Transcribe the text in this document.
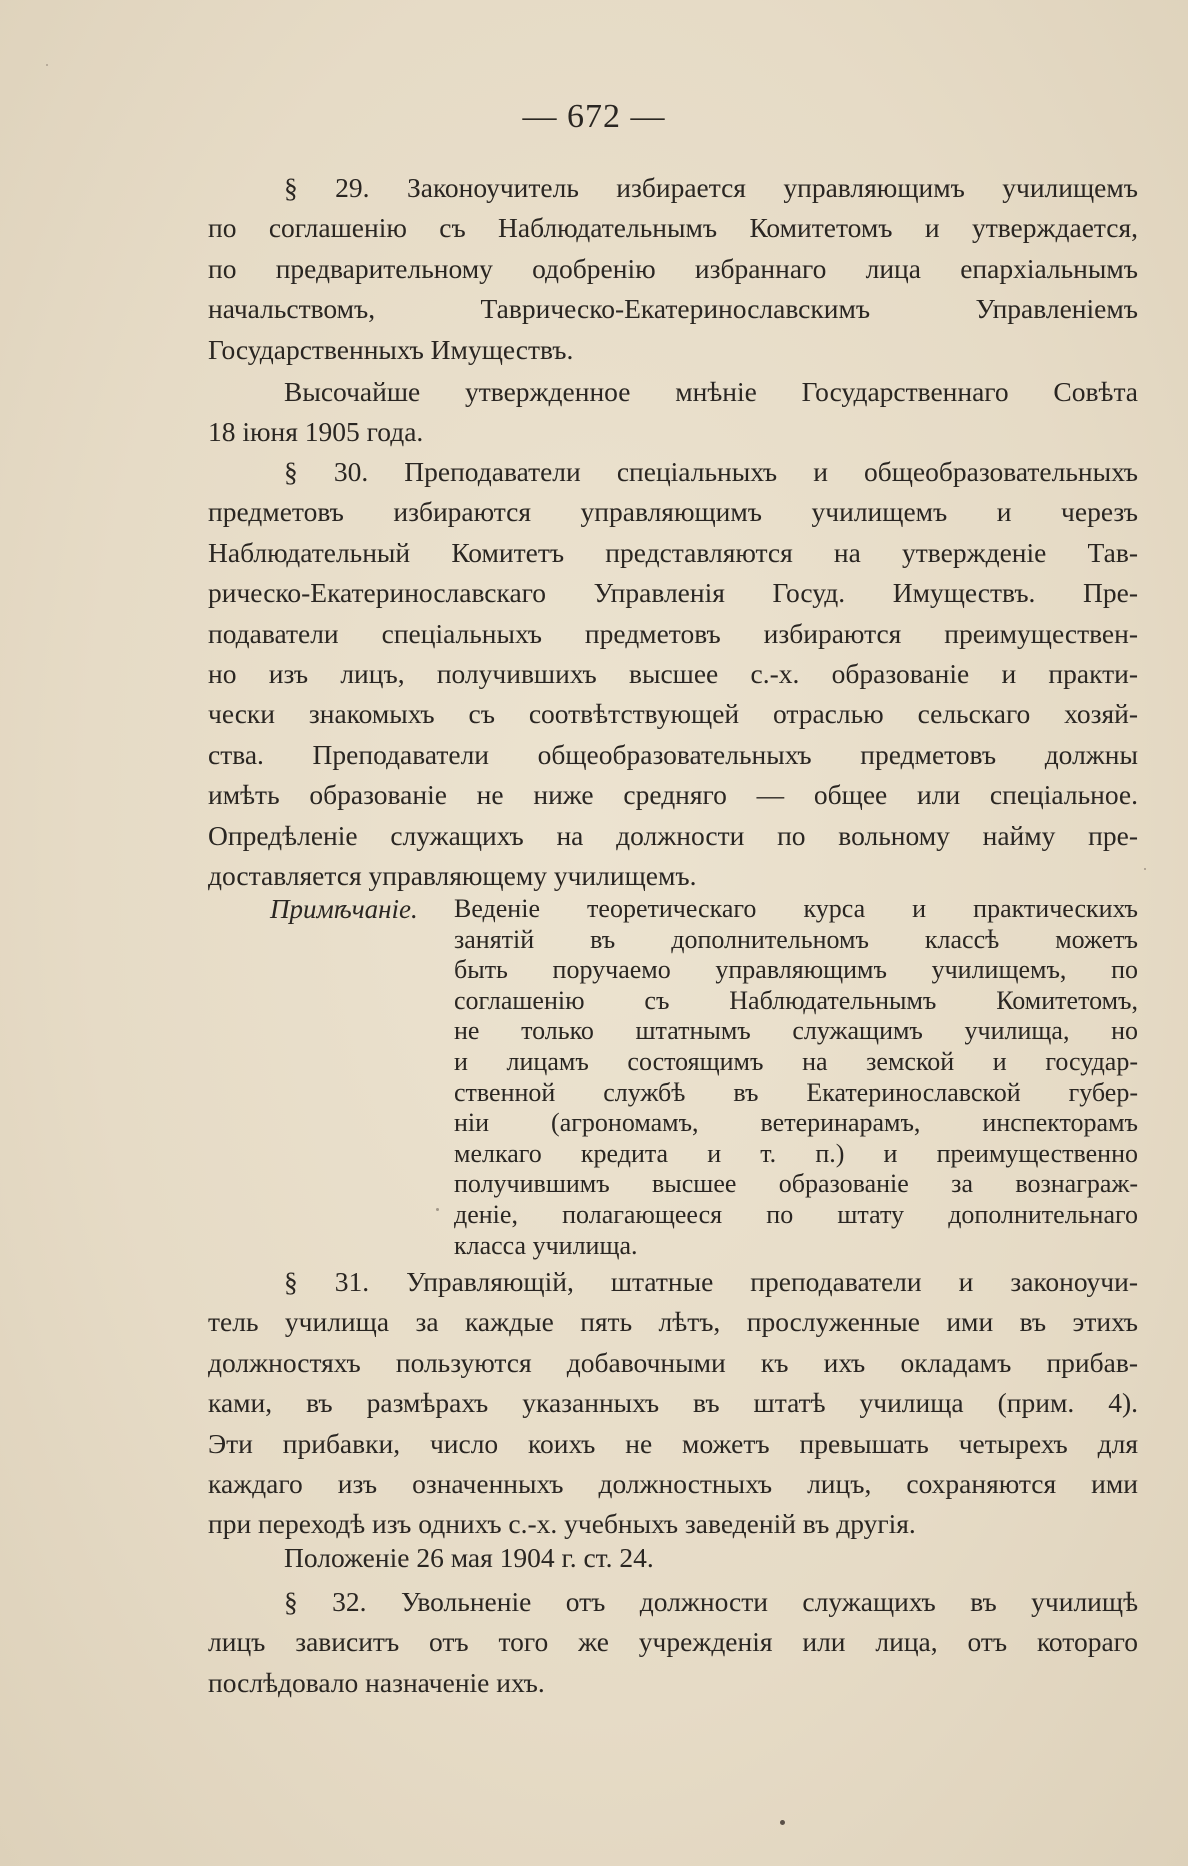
— 672 —
§ 29. Законоучитель избирается управляющимъ училищемъ
по соглашенію съ Наблюдательнымъ Комитетомъ и утверждается,
по предварительному одобренію избраннаго лица епархіальнымъ
начальствомъ, Таврическо-Екатеринославскимъ Управленіемъ
Государственныхъ Имуществъ.
Высочайше утвержденное мнѣніе Государственнаго Совѣта
18 іюня 1905 года.
§ 30. Преподаватели спеціальныхъ и общеобразовательныхъ
предметовъ избираются управляющимъ училищемъ и черезъ
Наблюдательный Комитетъ представляются на утвержденіе Тав-
рическо-Екатеринославскаго Управленія Госуд. Имуществъ. Пре-
подаватели спеціальныхъ предметовъ избираются преимуществен-
но изъ лицъ, получившихъ высшее с.-х. образованіе и практи-
чески знакомыхъ съ соотвѣтствующей отраслью сельскаго хозяй-
ства. Преподаватели общеобразовательныхъ предметовъ должны
имѣть образованіе не ниже средняго — общее или спеціальное.
Опредѣленіе служащихъ на должности по вольному найму пре-
доставляется управляющему училищемъ.
Примѣчаніе. Веденіе теоретическаго курса и практическихъ
занятій въ дополнительномъ классѣ можетъ
быть поручаемо управляющимъ училищемъ, по
соглашенію съ Наблюдательнымъ Комитетомъ,
не только штатнымъ служащимъ училища, но
и лицамъ состоящимъ на земской и государ-
ственной службѣ въ Екатеринославской губер-
ніи (агрономамъ, ветеринарамъ, инспекторамъ
мелкаго кредита и т. п.) и преимущественно
получившимъ высшее образованіе за вознаграж-
деніе, полагающееся по штату дополнительнаго
класса училища.
§ 31. Управляющій, штатные преподаватели и законоучи-
тель училища за каждые пять лѣтъ, прослуженные ими въ этихъ
должностяхъ пользуются добавочными къ ихъ окладамъ прибав-
ками, въ размѣрахъ указанныхъ въ штатѣ училища (прим. 4).
Эти прибавки, число коихъ не можетъ превышать четырехъ для
каждаго изъ означенныхъ должностныхъ лицъ, сохраняются ими
при переходѣ изъ однихъ с.-х. учебныхъ заведеній въ другія.
Положеніе 26 мая 1904 г. ст. 24.
§ 32. Увольненіе отъ должности служащихъ въ училищѣ
лицъ зависитъ отъ того же учрежденія или лица, отъ котораго
послѣдовало назначеніе ихъ.
